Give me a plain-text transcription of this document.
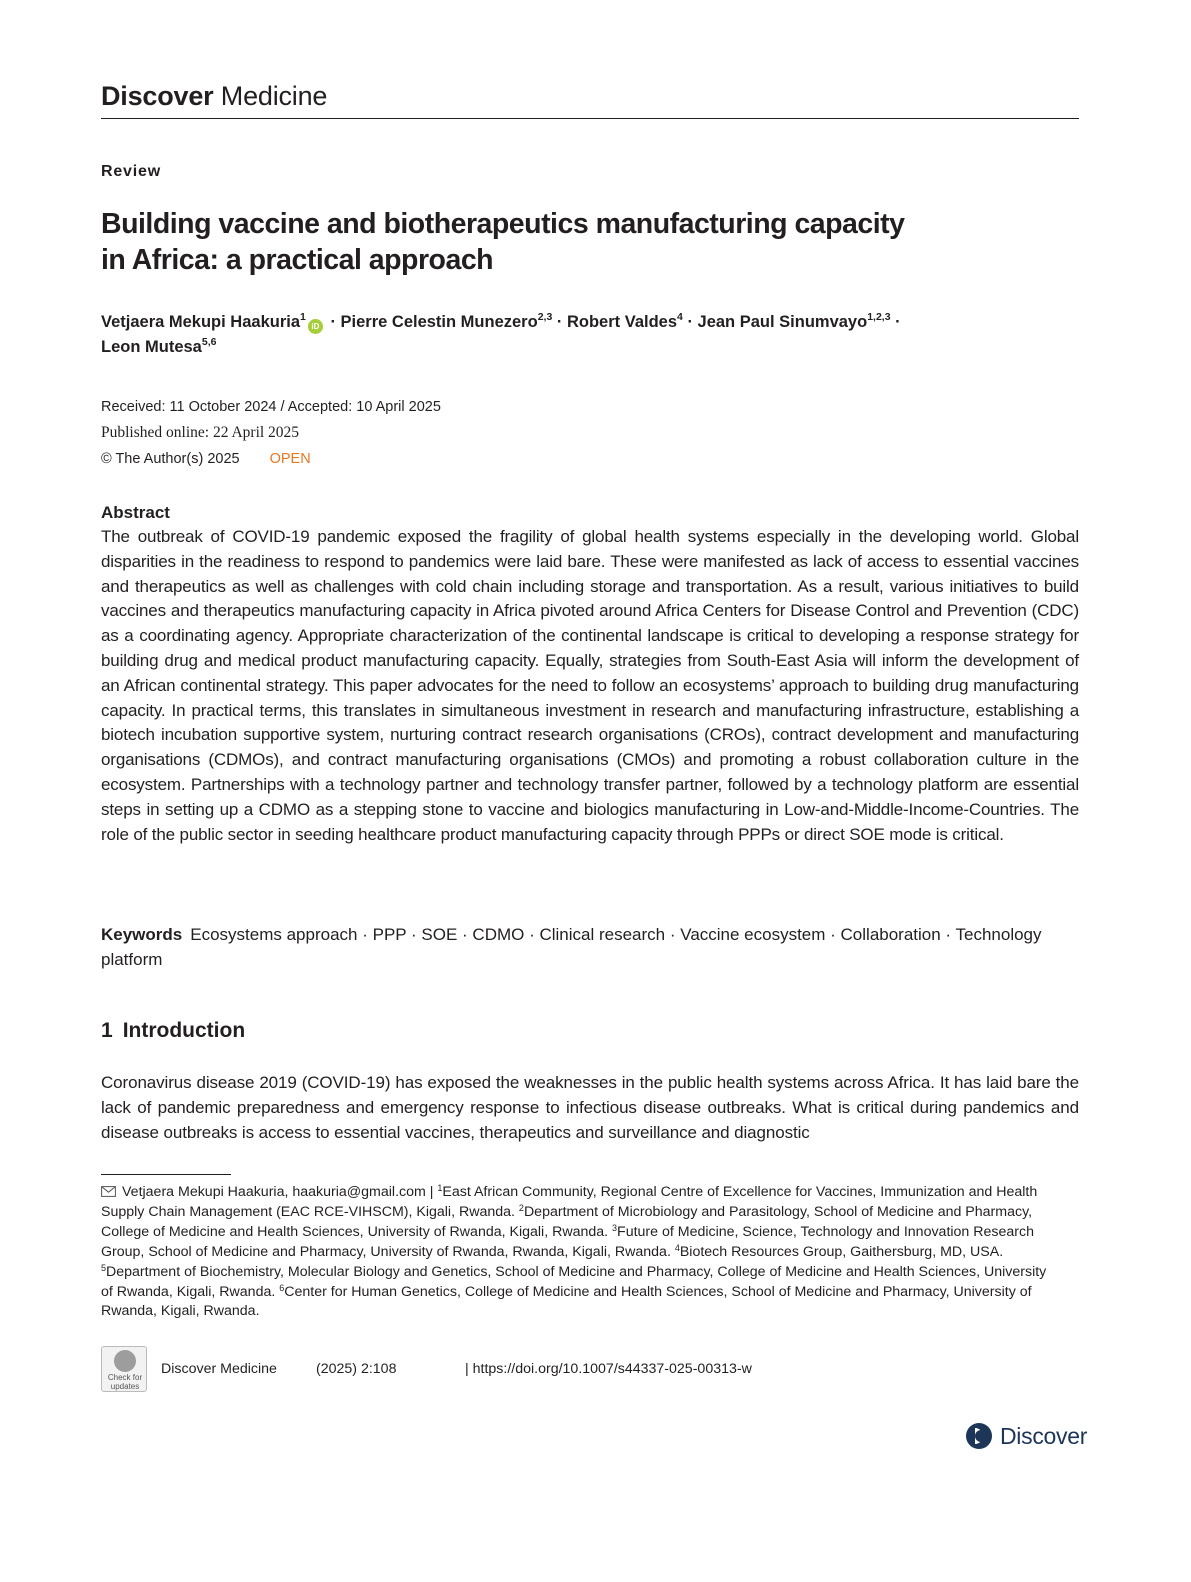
Discover Medicine
Review
Building vaccine and biotherapeutics manufacturing capacity
in Africa: a practical approach
Vetjaera Mekupi Haakuria$^1$iD · Pierre Celestin Munezero$^{2,3}$ · Robert Valdes$^4$ · Jean Paul Sinumvayo$^{1,2,3}$ ·
Leon Mutesa$^{5,6}$
Received: 11 October 2024 / Accepted: 10 April 2025
Published online: 22 April 2025
© The Author(s) 2025 OPEN
Abstract

The outbreak of COVID-19 pandemic exposed the fragility of global health systems especially in the developing world. Global disparities in the readiness to respond to pandemics were laid bare. These were manifested as lack of access to essential vaccines and therapeutics as well as challenges with cold chain including storage and transportation. As a result, various initiatives to build vaccines and therapeutics manufacturing capacity in Africa pivoted around Africa Centers for Disease Control and Prevention (CDC) as a coordinating agency. Appropriate characterization of the continental landscape is critical to developing a response strategy for building drug and medical product manufacturing capacity. Equally, strategies from South-East Asia will inform the development of an African continental strategy. This paper advocates for the need to follow an ecosystems’ approach to building drug manufacturing capacity. In practical terms, this translates in simultaneous investment in research and manufacturing infrastructure, establishing a biotech incubation supportive system, nurturing contract research organisations (CROs), contract development and manufacturing organisations (CDMOs), and contract manufacturing organisations (CMOs) and promoting a robust collaboration culture in the ecosystem. Partnerships with a technology partner and technology transfer partner, followed by a technology platform are essential steps in setting up a CDMO as a stepping stone to vaccine and biologics manufacturing in Low-and-Middle-Income-Countries. The role of the public sector in seeding healthcare product manufacturing capacity through PPPs or direct SOE mode is critical.

Keywords Ecosystems approach · PPP · SOE · CDMO · Clinical research · Vaccine ecosystem · Collaboration · Technology platform
1 Introduction

Coronavirus disease 2019 (COVID-19) has exposed the weaknesses in the public health systems across Africa. It has laid bare the lack of pandemic preparedness and emergency response to infectious disease outbreaks. What is critical during pandemics and disease outbreaks is access to essential vaccines, therapeutics and surveillance and diagnostic

Vetjaera Mekupi Haakuria, haakuria@gmail.com | $^1$East African Community, Regional Centre of Excellence for Vaccines, Immunization and Health Supply Chain Management (EAC RCE-VIHSCM), Kigali, Rwanda. $^2$Department of Microbiology and Parasitology, School of Medicine and Pharmacy, College of Medicine and Health Sciences, University of Rwanda, Kigali, Rwanda. $^3$Future of Medicine, Science, Technology and Innovation Research Group, School of Medicine and Pharmacy, University of Rwanda, Rwanda, Kigali, Rwanda. $^4$Biotech Resources Group, Gaithersburg, MD, USA. $^5$Department of Biochemistry, Molecular Biology and Genetics, School of Medicine and Pharmacy, College of Medicine and Health Sciences, University of Rwanda, Kigali, Rwanda. $^6$Center for Human Genetics, College of Medicine and Health Sciences, School of Medicine and Pharmacy, University of Rwanda, Kigali, Rwanda.
Check for updates
Discover Medicine	(2025) 2:108	| https://doi.org/10.1007/s44337-025-00313-w
Discover
